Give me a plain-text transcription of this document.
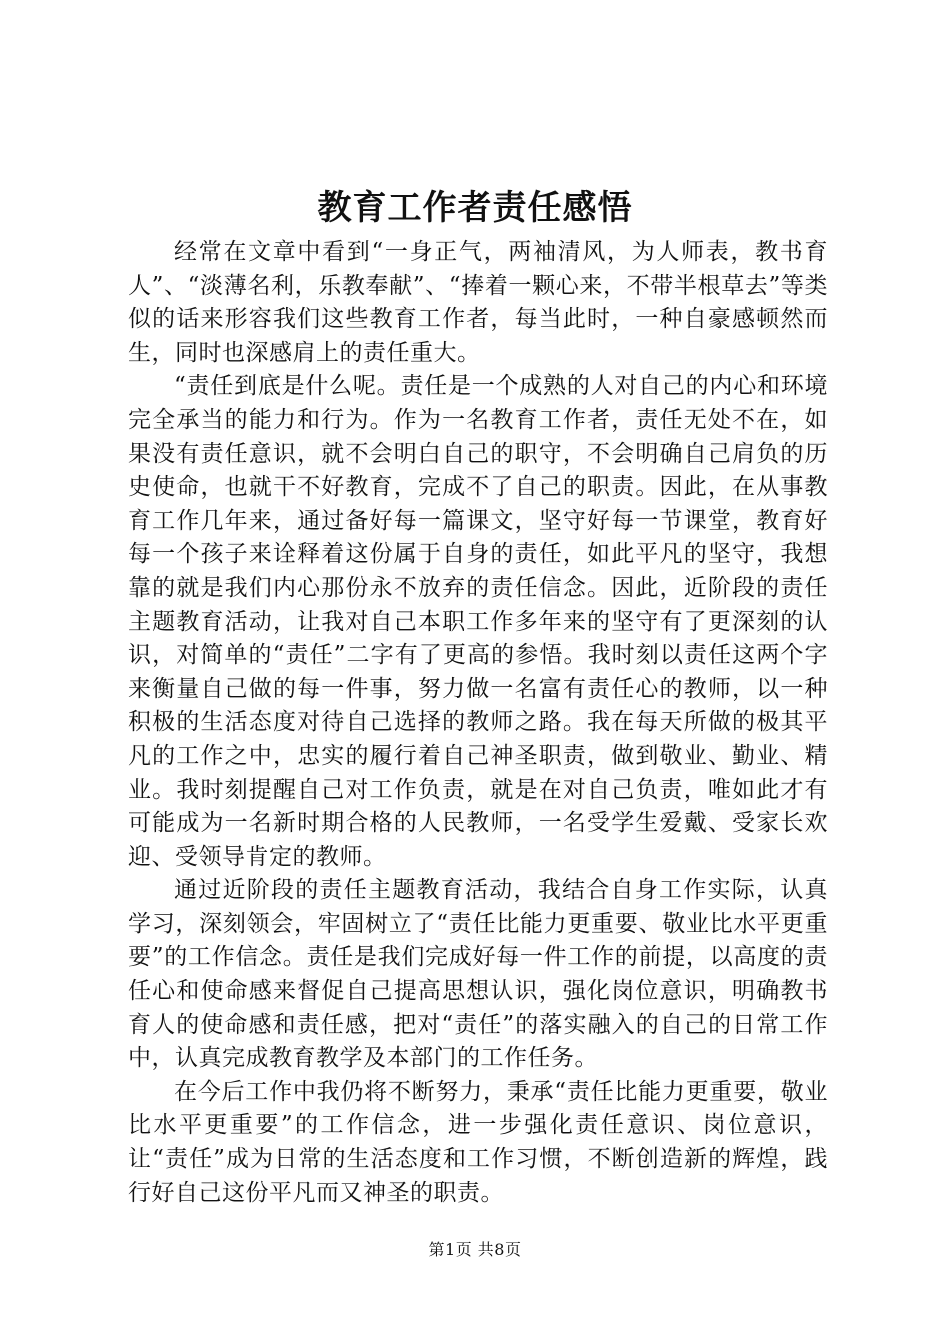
教育工作者责任感悟

经常在文章中看到“一身正气，两袖清风，为人师表，教书育人”、“淡薄名利，乐教奉献”、“捧着一颗心来，不带半根草去”等类似的话来形容我们这些教育工作者，每当此时，一种自豪感顿然而生，同时也深感肩上的责任重大。

“责任到底是什么呢。责任是一个成熟的人对自己的内心和环境完全承当的能力和行为。作为一名教育工作者，责任无处不在，如果没有责任意识，就不会明白自己的职守，不会明确自己肩负的历史使命，也就干不好教育，完成不了自己的职责。因此，在从事教育工作几年来，通过备好每一篇课文，坚守好每一节课堂，教育好每一个孩子来诠释着这份属于自身的责任，如此平凡的坚守，我想靠的就是我们内心那份永不放弃的责任信念。因此，近阶段的责任主题教育活动，让我对自己本职工作多年来的坚守有了更深刻的认识，对简单的“责任”二字有了更高的参悟。我时刻以责任这两个字来衡量自己做的每一件事，努力做一名富有责任心的教师，以一种积极的生活态度对待自己选择的教师之路。我在每天所做的极其平凡的工作之中，忠实的履行着自己神圣职责，做到敬业、勤业、精业。我时刻提醒自己对工作负责，就是在对自己负责，唯如此才有可能成为一名新时期合格的人民教师，一名受学生爱戴、受家长欢迎、受领导肯定的教师。

通过近阶段的责任主题教育活动，我结合自身工作实际，认真学习，深刻领会，牢固树立了“责任比能力更重要、敬业比水平更重要”的工作信念。责任是我们完成好每一件工作的前提，以高度的责任心和使命感来督促自己提高思想认识，强化岗位意识，明确教书育人的使命感和责任感，把对“责任”的落实融入的自己的日常工作中，认真完成教育教学及本部门的工作任务。

在今后工作中我仍将不断努力，秉承“责任比能力更重要，敬业比水平更重要”的工作信念，进一步强化责任意识、岗位意识，让“责任”成为日常的生活态度和工作习惯，不断创造新的辉煌，践行好自己这份平凡而又神圣的职责。

第1页 共8页
